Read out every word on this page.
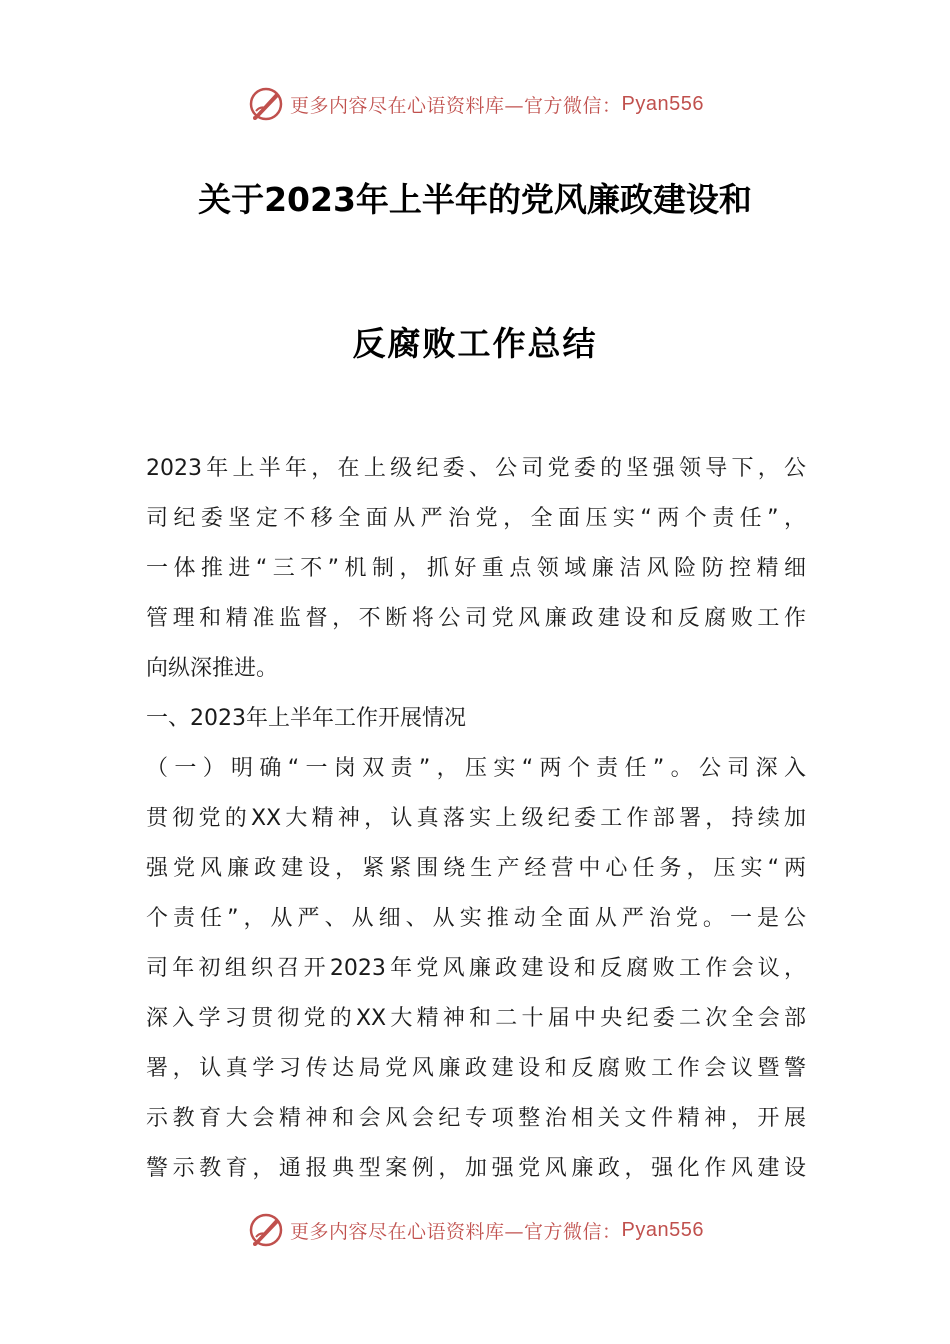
更多内容尽在心语资料库—官方微信： Pyan556
关于2023年上半年的党风廉政建设和
反腐败工作总结
2023年上半年，在上级纪委、公司党委的坚强领导下，公
司纪委坚定不移全面从严治党，全面压实“两个责任”，
一体推进“三不”机制，抓好重点领域廉洁风险防控精细
管理和精准监督，不断将公司党风廉政建设和反腐败工作
向纵深推进。
一、2023年上半年工作开展情况
（一）明确“一岗双责”，压实“两个责任”。公司深入
贯彻党的XX大精神，认真落实上级纪委工作部署，持续加
强党风廉政建设，紧紧围绕生产经营中心任务，压实“两
个责任”，从严、从细、从实推动全面从严治党。一是公
司年初组织召开2023年党风廉政建设和反腐败工作会议，
深入学习贯彻党的XX大精神和二十届中央纪委二次全会部
署，认真学习传达局党风廉政建设和反腐败工作会议暨警
示教育大会精神和会风会纪专项整治相关文件精神，开展
警示教育，通报典型案例，加强党风廉政，强化作风建设
更多内容尽在心语资料库—官方微信： Pyan556
